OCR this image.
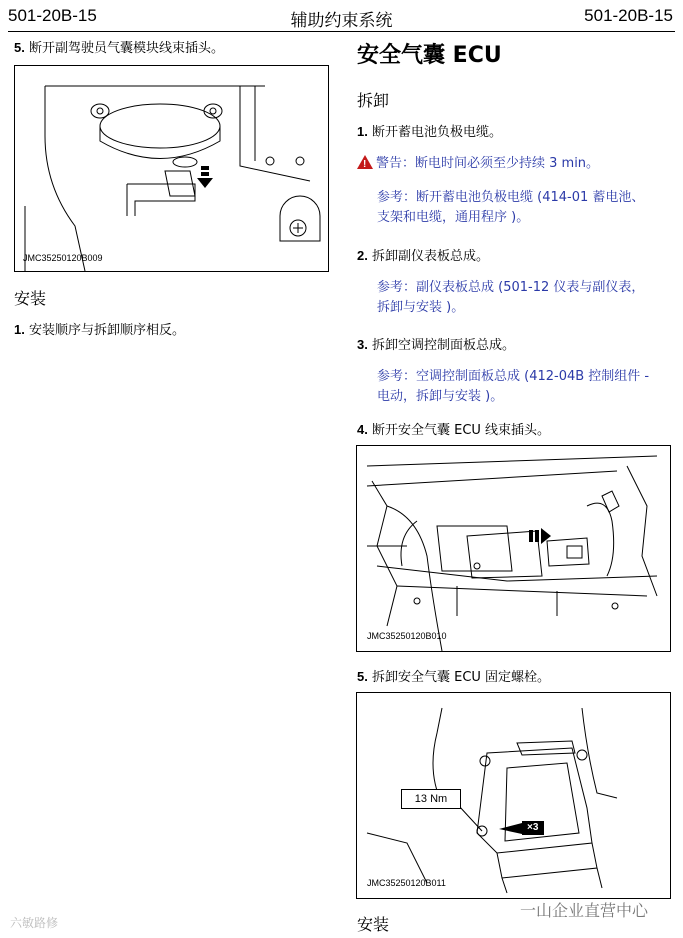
501-20B-15	辅助约束系统	501-20B-15
5. 断开副驾驶员气囊模块线束插头。
JMC35250120B009
安装
1. 安装顺序与拆卸顺序相反。
安全气囊 ECU
拆卸
1. 断开蓄电池负极电缆。
!警告：断电时间必须至少持续 3 min。
参考：断开蓄电池负极电缆 (414-01 蓄电池、
支架和电缆，通用程序 )。
2. 拆卸副仪表板总成。
参考：副仪表板总成 (501-12 仪表与副仪表，
拆卸与安装 )。
3. 拆卸空调控制面板总成。
参考：空调控制面板总成 (412-04B 控制组件 -
电动，拆卸与安装 )。
4. 断开安全气囊 ECU 线束插头。
JMC35250120B010
5. 拆卸安全气囊 ECU 固定螺栓。
13 Nm
×3
JMC35250120B011
安装
六敏路修
一山企业直营中心
